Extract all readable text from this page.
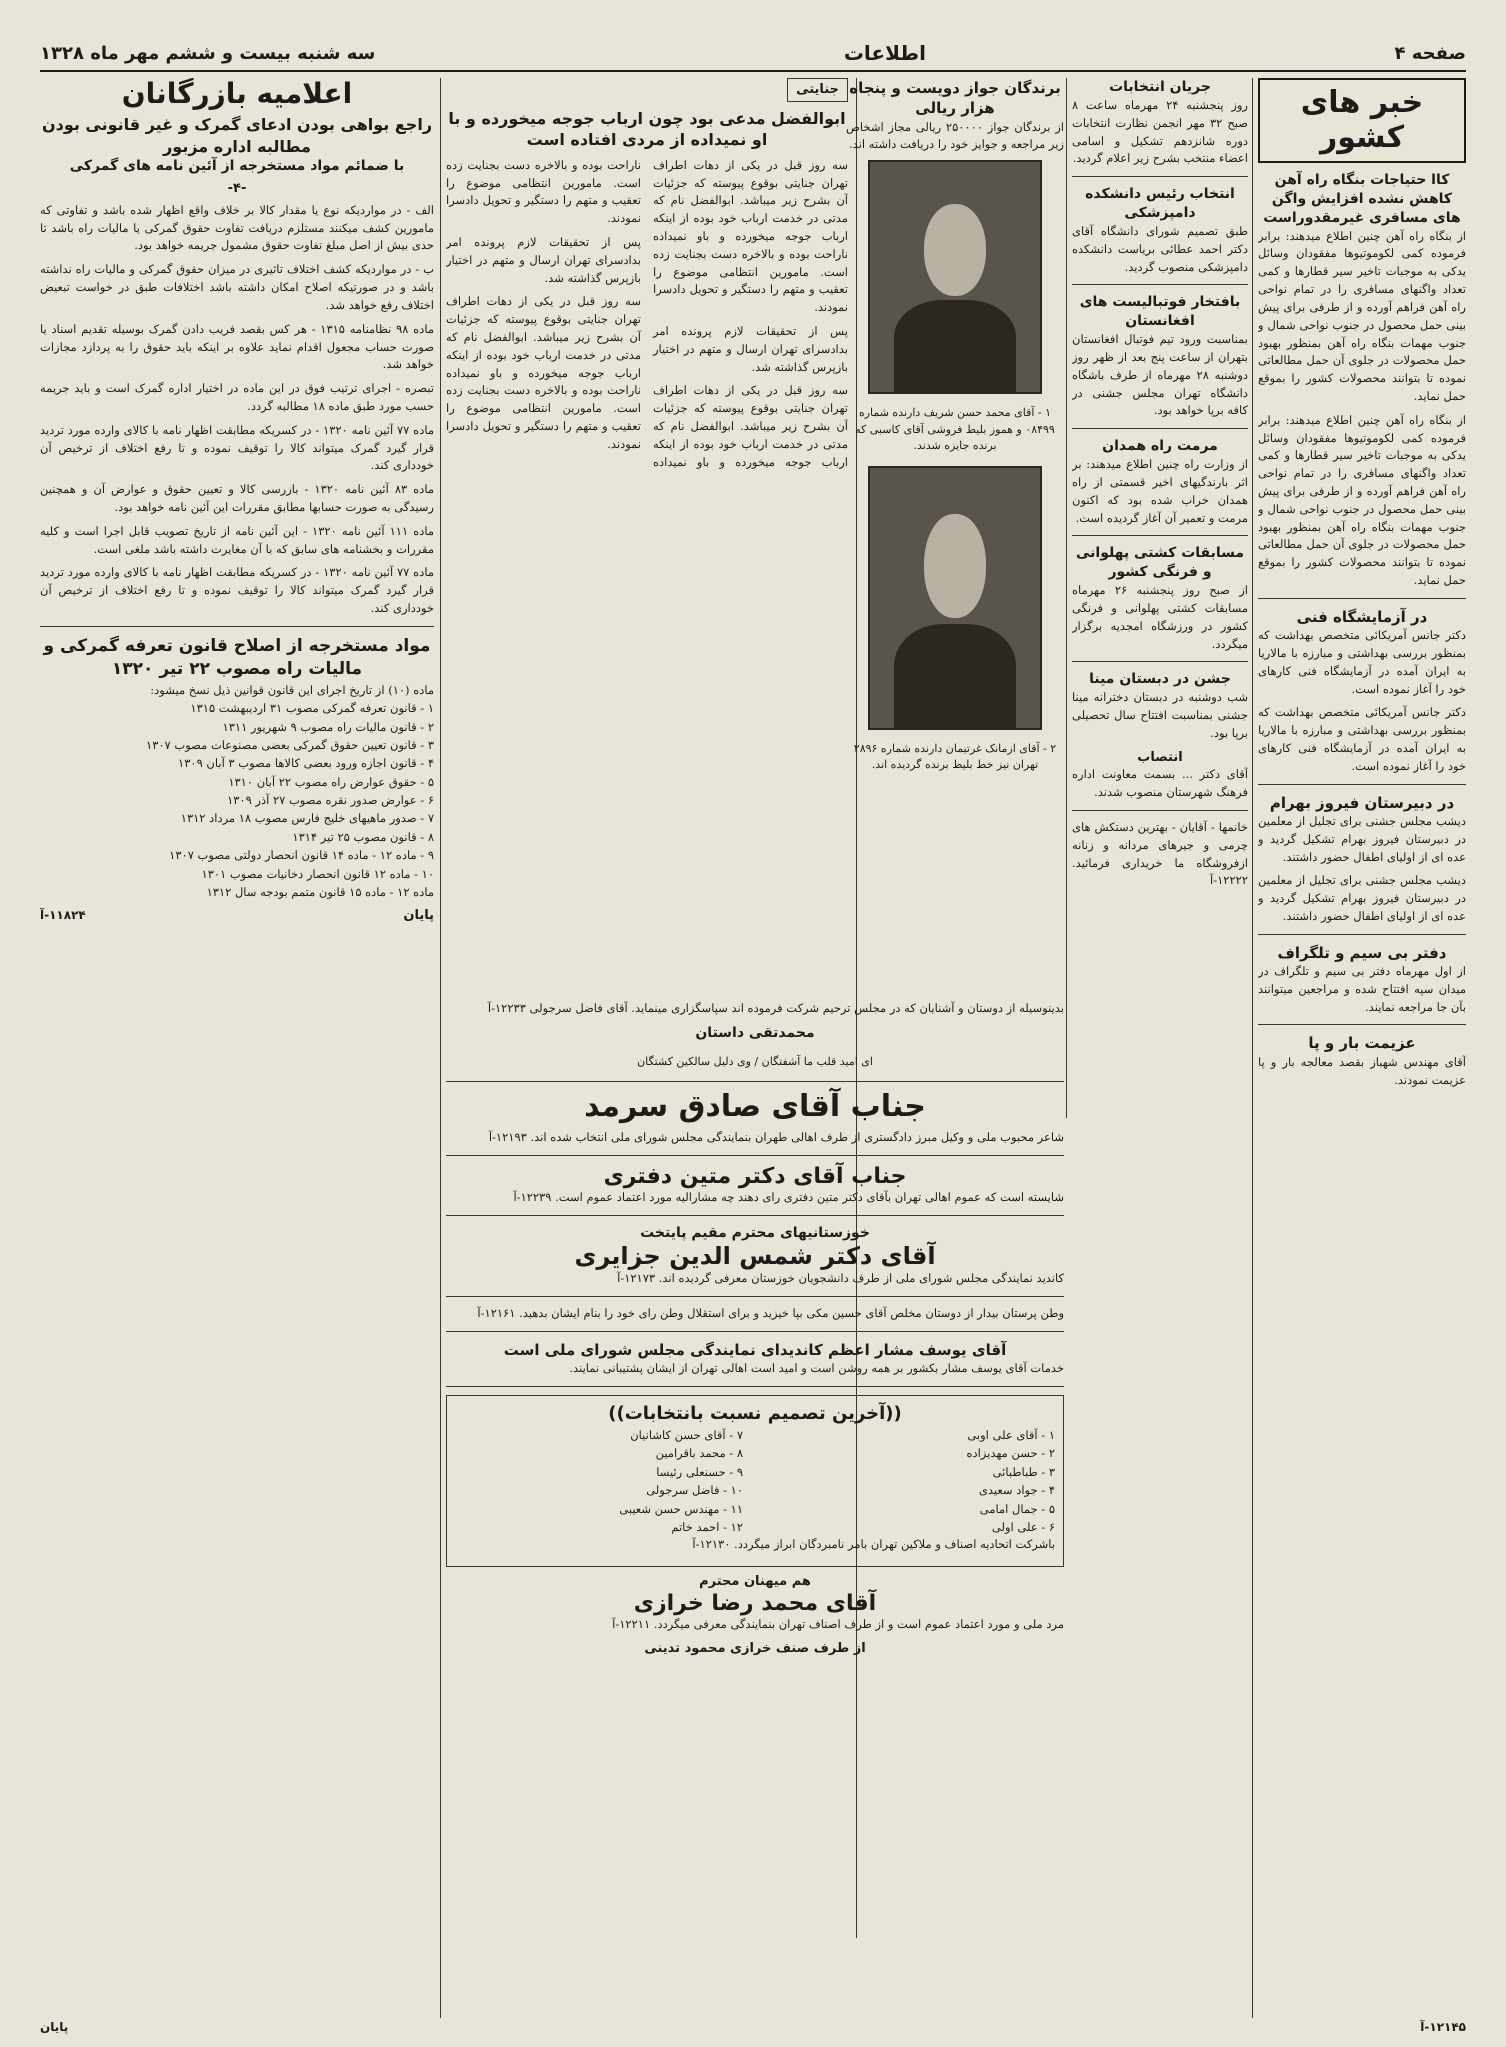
صفحه ۴
اطلاعات
سه شنبه بیست و ششم مهر ماه ۱۳۲۸
خبر های کشور
کاا حتیاجات بنگاه راه آهن کاهش نشده افزایش واگن های مسافری غیرمقدوراست

از بنگاه راه آهن چنین اطلاع میدهند: برابر فرموده کمی لکوموتیوها مفقودان وسائل یدکی به موجبات تاخیر سیر قطارها و کمی تعداد واگنهای مسافری را در تمام نواحی راه آهن فراهم آورده و از طرفی برای پیش بینی حمل محصول در جنوب نواحی شمال و جنوب مهمات بنگاه راه آهن بمنظور بهبود حمل محصولات در جلوی آن حمل مطالعاتی نموده تا بتوانند محصولات کشور را بموقع حمل نماید.

از بنگاه راه آهن چنین اطلاع میدهند: برابر فرموده کمی لکوموتیوها مفقودان وسائل یدکی به موجبات تاخیر سیر قطارها و کمی تعداد واگنهای مسافری را در تمام نواحی راه آهن فراهم آورده و از طرفی برای پیش بینی حمل محصول در جنوب نواحی شمال و جنوب مهمات بنگاه راه آهن بمنظور بهبود حمل محصولات در جلوی آن حمل مطالعاتی نموده تا بتوانند محصولات کشور را بموقع حمل نماید.

در آزمایشگاه فنی

دکتر جانس آمریکائی متخصص بهداشت که بمنظور بررسی بهداشتی و مبارزه با مالاریا به ایران آمده در آزمایشگاه فنی کارهای خود را آغاز نموده است.

دکتر جانس آمریکائی متخصص بهداشت که بمنظور بررسی بهداشتی و مبارزه با مالاریا به ایران آمده در آزمایشگاه فنی کارهای خود را آغاز نموده است.

در دبیرستان فیروز بهرام

دیشب مجلس جشنی برای تجلیل از معلمین در دبیرستان فیروز بهرام تشکیل گردید و عده ای از اولیای اطفال حضور داشتند.

دیشب مجلس جشنی برای تجلیل از معلمین در دبیرستان فیروز بهرام تشکیل گردید و عده ای از اولیای اطفال حضور داشتند.

دفتر بی سیم و تلگراف

از اول مهرماه دفتر بی سیم و تلگراف در میدان سپه افتتاح شده و مراجعین میتوانند بآن جا مراجعه نمایند.

عزیمت بار و پا

آقای مهندس شهباز بقصد معالجه بار و پا عزیمت نمودند.

جریان انتخابات

روز پنجشنبه ۲۴ مهرماه ساعت ۸ صبح ۳۲ مهر انجمن نظارت انتخابات دوره شانزدهم تشکیل و اسامی اعضاء منتخب بشرح زیر اعلام گردید.

انتخاب رئیس دانشکده دامپزشکی

طبق تصمیم شورای دانشگاه آقای دکتر احمد عطائی بریاست دانشکده دامپزشکی منصوب گردید.

بافتخار فوتبالیست های افغانستان

بمناسبت ورود تیم فوتبال افغانستان بتهران از ساعت پنج بعد از ظهر روز دوشنبه ۲۸ مهرماه از طرف باشگاه دانشگاه تهران مجلس جشنی در کافه برپا خواهد بود.

مرمت راه همدان

از وزارت راه چنین اطلاع میدهند: بر اثر بارندگیهای اخیر قسمتی از راه همدان خراب شده بود که اکنون مرمت و تعمیر آن آغاز گردیده است.

مسابقات کشتی پهلوانی و فرنگی کشور

از صبح روز پنجشنبه ۲۶ مهرماه مسابقات کشتی پهلوانی و فرنگی کشور در ورزشگاه امجدیه برگزار میگردد.

جشن در دبستان مینا

شب دوشنبه در دبستان دخترانه مینا جشنی بمناسبت افتتاح سال تحصیلی برپا بود.

انتصاب

آقای دکتر ... بسمت معاونت اداره فرهنگ شهرستان منصوب شدند.

خانمها - آقایان - بهترین دستکش های چرمی و جیرهای مردانه و زنانه ازفروشگاه ما خریداری فرمائید. ۱۲۲۲۲-آ

برندگان جواز دویست و پنجاه هزار ریالی

از برندگان جواز ۲۵۰۰۰۰ ریالی مجاز اشخاص زیر مراجعه و جوایز خود را دریافت داشته اند.

۱ - آقای محمد حسن شریف دارنده شماره ۰۸۴۹۹ و هموز بلیط فروشی آقای کاسبی که برنده جایزه شدند.

۲ - آقای ازمانک غرتیمان دارنده شماره ۲۸۹۶ تهران نیز خط بلیط برنده گردیده اند.

جنایتی
ابوالفضل مدعی بود چون ارباب جوجه میخورده و با او نمیداده از مردی افتاده است

سه روز قبل در یکی از دهات اطراف تهران جنایتی بوقوع پیوسته که جزئیات آن بشرح زیر میباشد. ابوالفضل نام که مدتی در خدمت ارباب خود بوده از اینکه ارباب جوجه میخورده و باو نمیداده ناراحت بوده و بالاخره دست بجنایت زده است. مامورین انتظامی موضوع را تعقیب و متهم را دستگیر و تحویل دادسرا نمودند.

پس از تحقیقات لازم پرونده امر بدادسرای تهران ارسال و متهم در اختیار بازپرس گذاشته شد.

سه روز قبل در یکی از دهات اطراف تهران جنایتی بوقوع پیوسته که جزئیات آن بشرح زیر میباشد. ابوالفضل نام که مدتی در خدمت ارباب خود بوده از اینکه ارباب جوجه میخورده و باو نمیداده ناراحت بوده و بالاخره دست بجنایت زده است. مامورین انتظامی موضوع را تعقیب و متهم را دستگیر و تحویل دادسرا نمودند.

پس از تحقیقات لازم پرونده امر بدادسرای تهران ارسال و متهم در اختیار بازپرس گذاشته شد.

سه روز قبل در یکی از دهات اطراف تهران جنایتی بوقوع پیوسته که جزئیات آن بشرح زیر میباشد. ابوالفضل نام که مدتی در خدمت ارباب خود بوده از اینکه ارباب جوجه میخورده و باو نمیداده ناراحت بوده و بالاخره دست بجنایت زده است. مامورین انتظامی موضوع را تعقیب و متهم را دستگیر و تحویل دادسرا نمودند.

بدینوسیله از دوستان و آشنایان که در مجلس ترحیم شرکت فرموده اند سپاسگزاری مینماید. آقای فاضل سرجولی ۱۲۲۳۳-آ

محمدتقی داستان

ای امید قلب ما آشفتگان / وی دلیل سالکین کشتگان

جناب آقای صادق سرمد

شاعر محبوب ملی و وکیل مبرز دادگستری از طرف اهالی طهران بنمایندگی مجلس شورای ملی انتخاب شده اند. ۱۲۱۹۳-آ

جناب آقای دکتر متین دفتری

شایسته است که عموم اهالی تهران بآقای دکتر متین دفتری رای دهند چه مشارالیه مورد اعتماد عموم است. ۱۲۲۳۹-آ

خوزستانیهای محترم مقیم پایتخت
آقای دکتر شمس الدین جزایری

کاندید نمایندگی مجلس شورای ملی از طرف دانشجویان خوزستان معرفی گردیده اند. ۱۲۱۷۳-آ

وطن پرستان بیدار از دوستان مخلص آقای حسین مکی بپا خیزید و برای استقلال وطن رای خود را بنام ایشان بدهید. ۱۲۱۶۱-آ

آقای یوسف مشار اعظم کاندیدای نمایندگی مجلس شورای ملی است

خدمات آقای یوسف مشار بکشور بر همه روشن است و امید است اهالی تهران از ایشان پشتیبانی نمایند.

((آخرین تصمیم نسبت بانتخابات))
۱ - آقای علی اوبی
۲ - حسن مهدیزاده
۳ - طباطبائی
۴ - جواد سعیدی
۵ - جمال امامی
۶ - علی اولی
۷ - آقای حسن کاشانیان
۸ - محمد باقرامین
۹ - حسنعلی رئیسا
۱۰ - فاضل سرجولی
۱۱ - مهندس حسن شعیبی
۱۲ - احمد خاتم

باشرکت اتحادیه اصناف و ملاکین تهران بامر نامبردگان ابراز میگردد. ۱۲۱۳۰-آ

هم میهنان محترم
آقای محمد رضا خرازی

مرد ملی و مورد اعتماد عموم است و از طرف اصناف تهران بنمایندگی معرفی میگردد. ۱۲۲۱۱-آ

از طرف صنف خرازی محمود تدینی
اعلامیه بازرگانان
راجع بواهی بودن ادعای گمرک و غیر قانونی بودن مطالبه اداره مزبور
با ضمائم مواد مستخرجه از آئین نامه های گمرکی
-۴-

الف - در مواردیکه نوع یا مقدار کالا بر خلاف واقع اظهار شده باشد و تفاوتی که مامورین کشف میکنند مستلزم دریافت تفاوت حقوق گمرکی یا مالیات راه باشد تا حدی بیش از اصل مبلغ تفاوت حقوق مشمول جریمه خواهد بود.

ب - در مواردیکه کشف اختلاف تاثیری در میزان حقوق گمرکی و مالیات راه نداشته باشد و در صورتیکه اصلاح امکان داشته باشد اختلافات طبق در خواست تبعیض اختلاف رفع خواهد شد.

ماده ۹۸ نظامنامه ۱۳۱۵ - هر کس بقصد فریب دادن گمرک بوسیله تقدیم اسناد یا صورت حساب مجعول اقدام نماید علاوه بر اینکه باید حقوق را به پردازد مجازات خواهد شد.

تبصره - اجرای ترتیب فوق در این ماده در اختیار اداره گمرک است و باید جریمه حسب مورد طبق ماده ۱۸ مطالبه گردد.

ماده ۷۷ آئین نامه ۱۳۲۰ - در کسریکه مطابقت اظهار نامه با کالای وارده مورد تردید قرار گیرد گمرک میتواند کالا را توقیف نموده و تا رفع اختلاف از ترخیص آن خودداری کند.

ماده ۸۳ آئین نامه ۱۳۲۰ - بازرسی کالا و تعیین حقوق و عوارض آن و همچنین رسیدگی به صورت حسابها مطابق مقررات این آئین نامه خواهد بود.

ماده ۱۱۱ آئین نامه ۱۳۲۰ - این آئین نامه از تاریخ تصویب قابل اجرا است و کلیه مقررات و بخشنامه های سابق که با آن مغایرت داشته باشد ملغی است.

ماده ۷۷ آئین نامه ۱۳۲۰ - در کسریکه مطابقت اظهار نامه با کالای وارده مورد تردید قرار گیرد گمرک میتواند کالا را توقیف نموده و تا رفع اختلاف از ترخیص آن خودداری کند.

مواد مستخرجه از اصلاح قانون تعرفه گمرکی و مالیات راه مصوب ۲۲ تیر ۱۳۲۰
ماده (۱۰) از تاریخ اجرای این قانون قوانین ذیل نسخ میشود:
۱ - قانون تعرفه گمرکی مصوب ۳۱ اردیبهشت ۱۳۱۵
۲ - قانون مالیات راه مصوب ۹ شهریور ۱۳۱۱
۳ - قانون تعیین حقوق گمرکی بعضی مصنوعات مصوب ۱۳۰۷
۴ - قانون اجازه ورود بعضی کالاها مصوب ۳ آبان ۱۳۰۹
۵ - حقوق عوارض راه مصوب ۲۲ آبان ۱۳۱۰
۶ - عوارض صدور نقره مصوب ۲۷ آذر ۱۳۰۹
۷ - صدور ماهیهای خلیج فارس مصوب ۱۸ مرداد ۱۳۱۲
۸ - قانون مصوب ۲۵ تیر ۱۳۱۴
۹ - ماده ۱۲ - ماده ۱۴ قانون انحصار دولتی مصوب ۱۳۰۷
۱۰ - ماده ۱۲ قانون انحصار دخانیات مصوب ۱۳۰۱
ماده ۱۲ - ماده ۱۵ قانون متمم بودجه سال ۱۳۱۲
پایان
۱۱۸۲۴-آ
۱۲۱۴۵-آ
پایان
